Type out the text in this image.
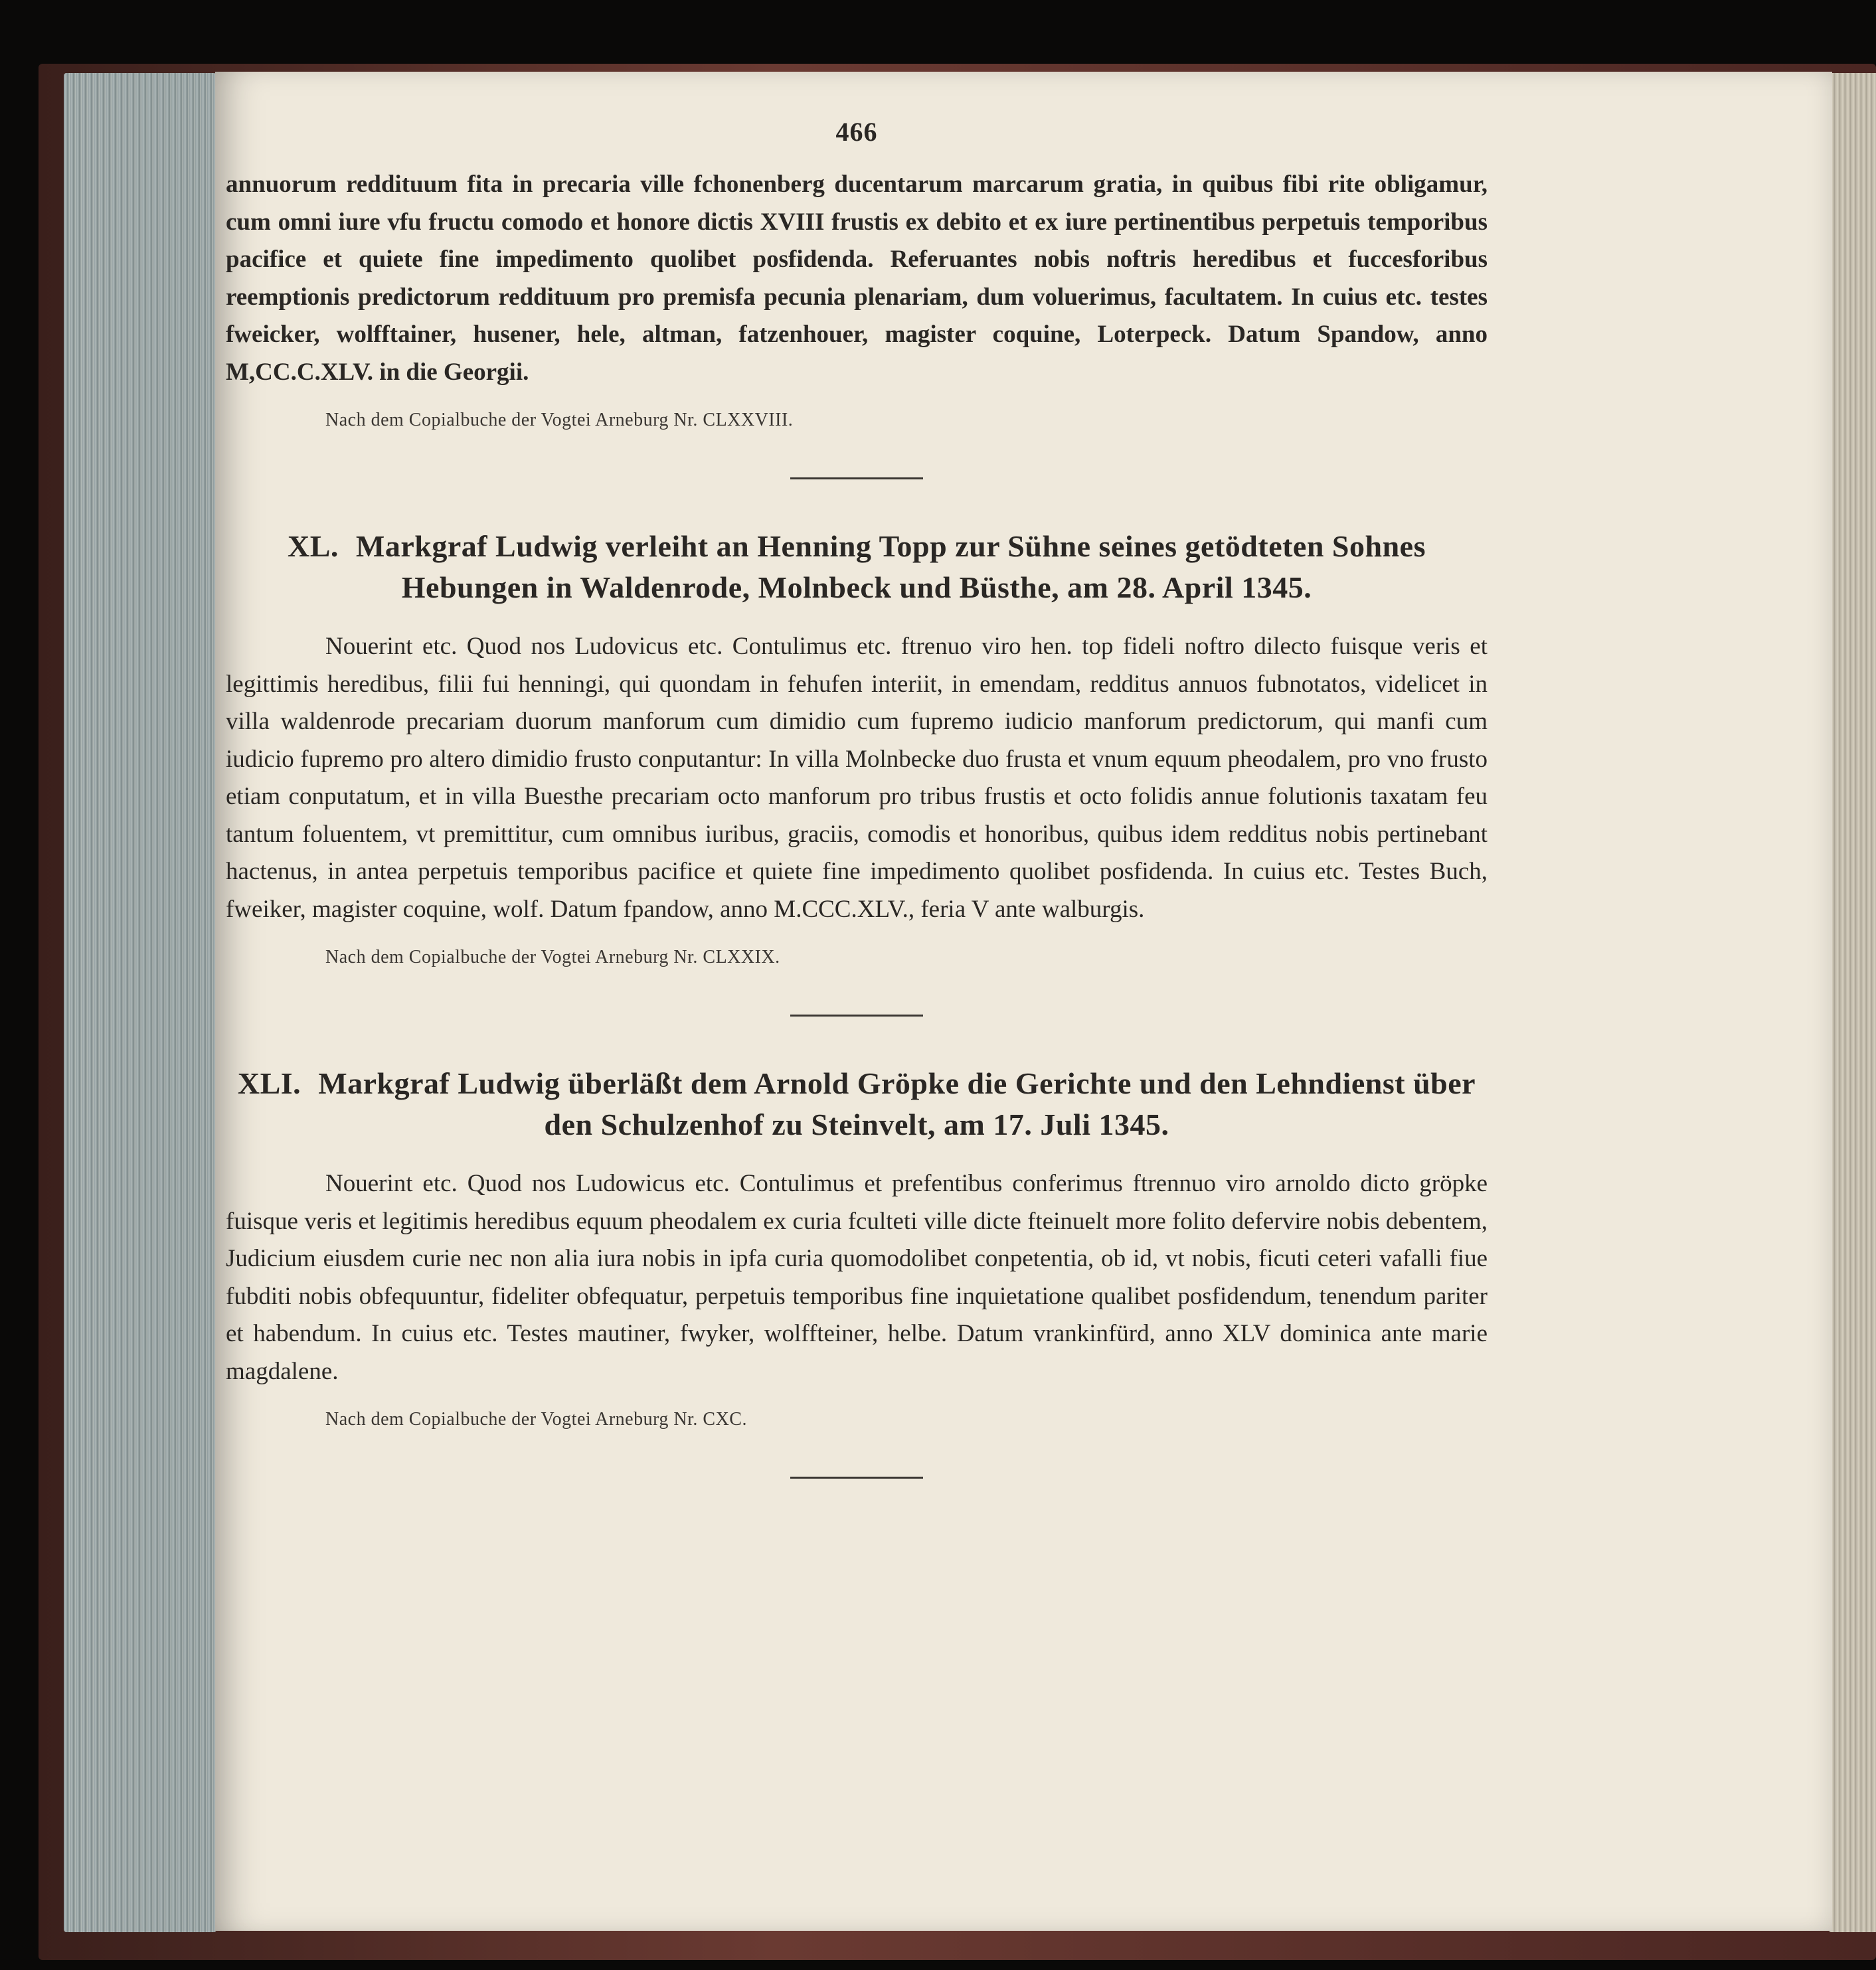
466

annuorum reddituum fita in precaria ville fchonenberg ducentarum marcarum gratia, in quibus fibi rite obligamur, cum omni iure vfu fructu comodo et honore dictis XVIII frustis ex debito et ex iure pertinentibus perpetuis temporibus pacifice et quiete fine impedimento quolibet posfidenda. Referuantes nobis noftris heredibus et fuccesforibus reemptionis predictorum reddituum pro premisfa pecunia plenariam, dum voluerimus, facultatem. In cuius etc. testes fweicker, wolfftainer, husener, hele, altman, fatzenhouer, magister coquine, Loterpeck. Datum Spandow, anno M,CC.C.XLV. in die Georgii.

Nach dem Copialbuche der Vogtei Arneburg Nr. CLXXVIII.
XL. Markgraf Ludwig verleiht an Henning Topp zur Sühne seines getödteten Sohnes Hebungen in Waldenrode, Molnbeck und Büsthe, am 28. April 1345.

Nouerint etc. Quod nos Ludovicus etc. Contulimus etc. ftrenuo viro hen. top fideli noftro dilecto fuisque veris et legittimis heredibus, filii fui henningi, qui quondam in fehufen interiit, in emendam, redditus annuos fubnotatos, videlicet in villa waldenrode precariam duorum manforum cum dimidio cum fupremo iudicio manforum predictorum, qui manfi cum iudicio fupremo pro altero dimidio frusto conputantur: In villa Molnbecke duo frusta et vnum equum pheodalem, pro vno frusto etiam conputatum, et in villa Buesthe precariam octo manforum pro tribus frustis et octo folidis annue folutionis taxatam feu tantum foluentem, vt premittitur, cum omnibus iuribus, graciis, comodis et honoribus, quibus idem redditus nobis pertinebant hactenus, in antea perpetuis temporibus pacifice et quiete fine impedimento quolibet posfidenda. In cuius etc. Testes Buch, fweiker, magister coquine, wolf. Datum fpandow, anno M.CCC.XLV., feria V ante walburgis.

Nach dem Copialbuche der Vogtei Arneburg Nr. CLXXIX.
XLI. Markgraf Ludwig überläßt dem Arnold Gröpke die Gerichte und den Lehndienst über den Schulzenhof zu Steinvelt, am 17. Juli 1345.

Nouerint etc. Quod nos Ludowicus etc. Contulimus et prefentibus conferimus ftrennuo viro arnoldo dicto gröpke fuisque veris et legitimis heredibus equum pheodalem ex curia fculteti ville dicte fteinuelt more folito defervire nobis debentem, Judicium eiusdem curie nec non alia iura nobis in ipfa curia quomodolibet conpetentia, ob id, vt nobis, ficuti ceteri vafalli fiue fubditi nobis obfequuntur, fideliter obfequatur, perpetuis temporibus fine inquietatione qualibet posfidendum, tenendum pariter et habendum. In cuius etc. Testes mautiner, fwyker, wolffteiner, helbe. Datum vrankinfürd, anno XLV dominica ante marie magdalene.

Nach dem Copialbuche der Vogtei Arneburg Nr. CXC.
